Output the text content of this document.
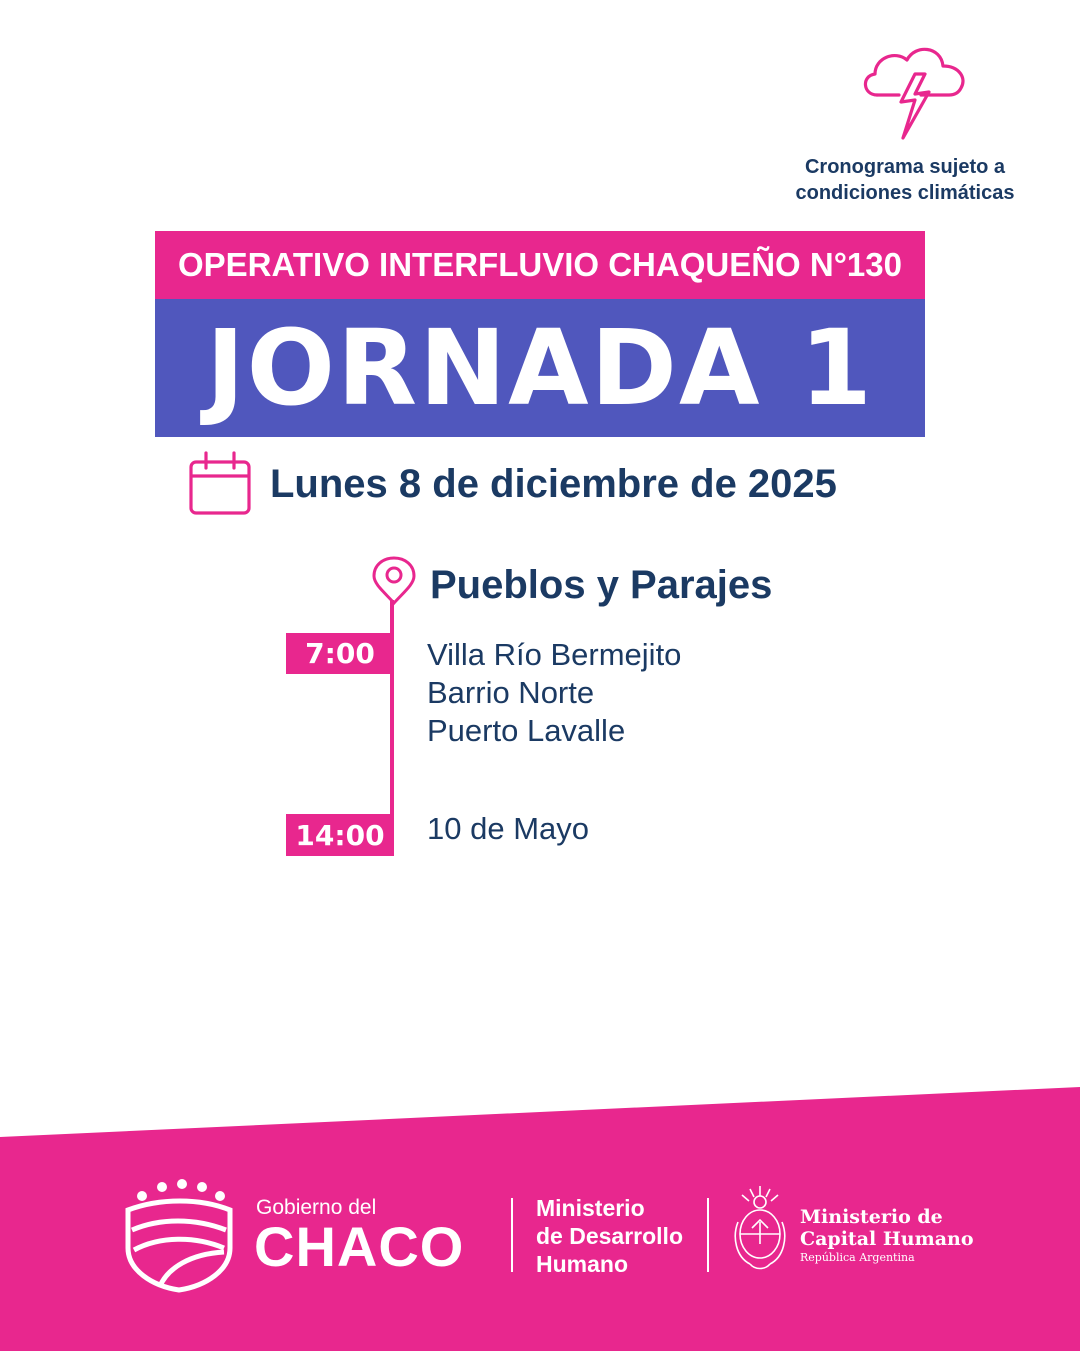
Cronograma sujeto a
condiciones climáticas
OPERATIVO INTERFLUVIO CHAQUEÑO N°130
JORNADA 1
Lunes 8 de diciembre de 2025
Pueblos y Parajes
7:00 Villa Río Bermejito
Barrio Norte
Puerto Lavalle
14:00 10 de Mayo
Gobierno del
CHACO
Ministerio
de Desarrollo
Humano
Ministerio de
Capital Humano
República Argentina
